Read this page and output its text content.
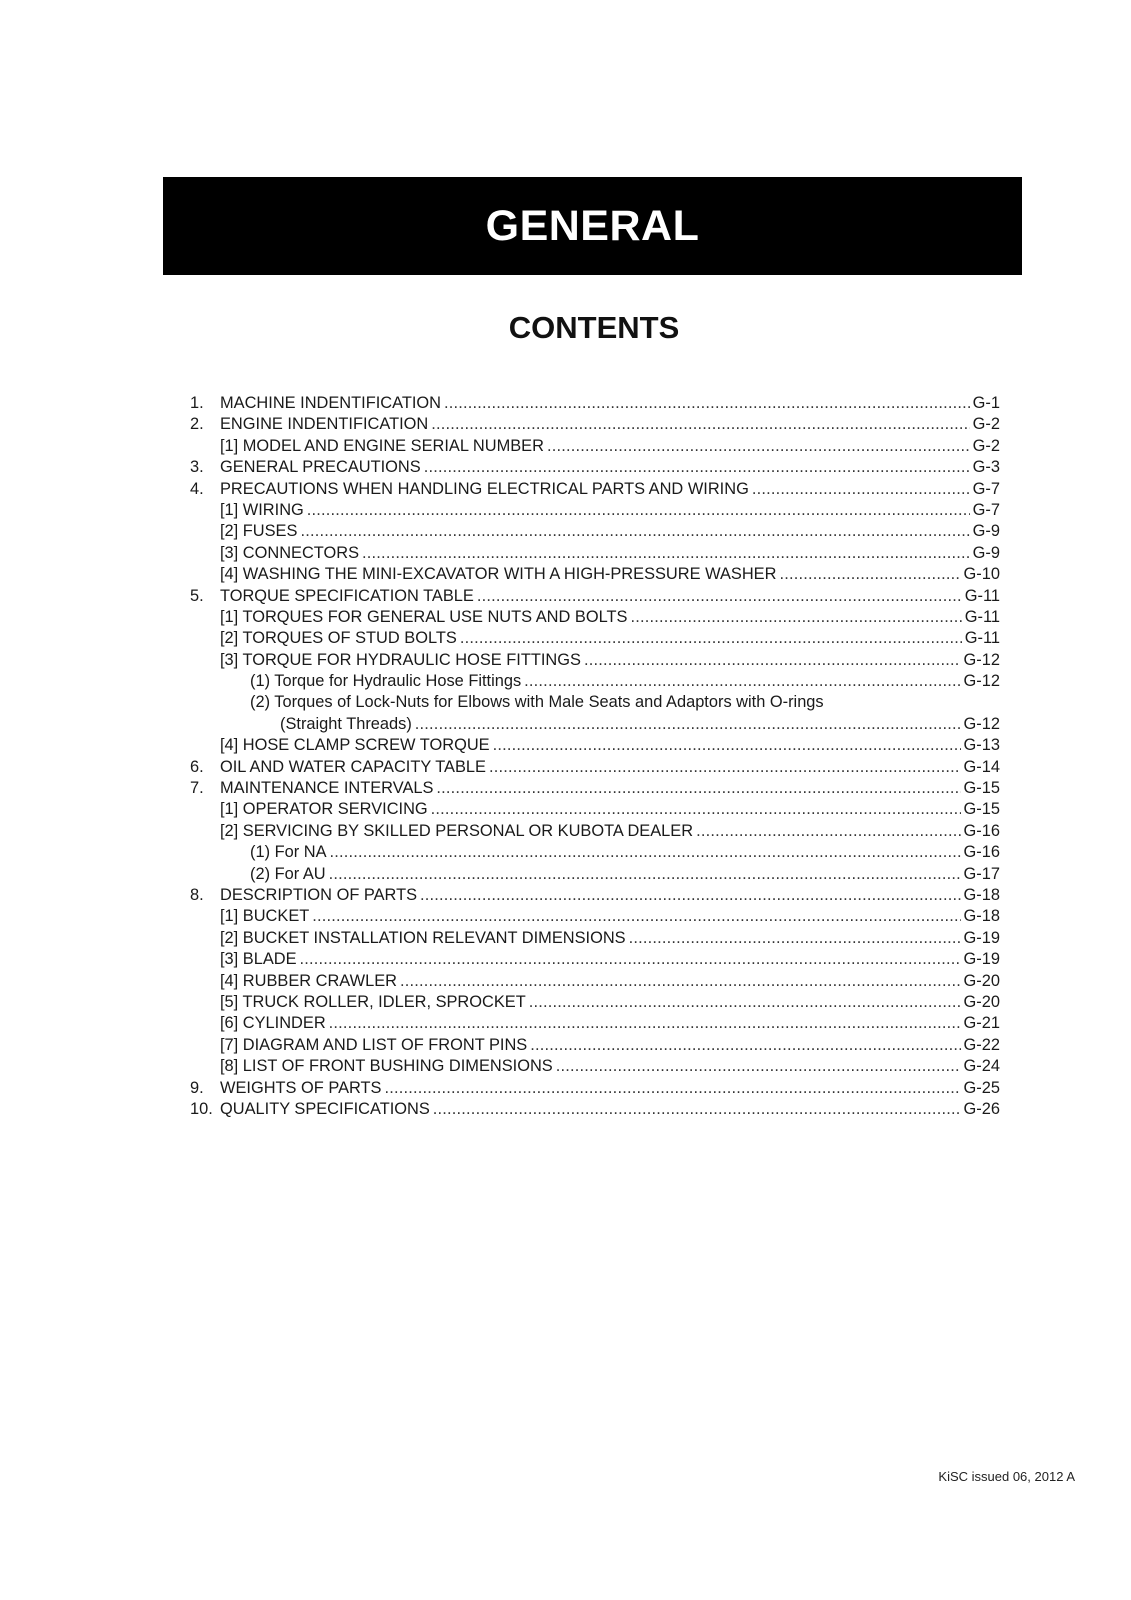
GENERAL
CONTENTS
1. MACHINE INDENTIFICATION .....	G-1
2. ENGINE INDENTIFICATION .....	G-2
[1] MODEL AND ENGINE SERIAL NUMBER .....	G-2
3. GENERAL PRECAUTIONS .....	G-3
4. PRECAUTIONS WHEN HANDLING ELECTRICAL PARTS AND WIRING .....	G-7
[1] WIRING .....	G-7
[2] FUSES .....	G-9
[3] CONNECTORS .....	G-9
[4] WASHING THE MINI-EXCAVATOR WITH A HIGH-PRESSURE WASHER .....	G-10
5. TORQUE SPECIFICATION TABLE .....	G-11
[1] TORQUES FOR GENERAL USE NUTS AND BOLTS .....	G-11
[2] TORQUES OF STUD BOLTS .....	G-11
[3] TORQUE FOR HYDRAULIC HOSE FITTINGS .....	G-12
(1) Torque for Hydraulic Hose Fittings .....	G-12
(2) Torques of Lock-Nuts for Elbows with Male Seats and Adaptors with O-rings
(Straight Threads) .....	G-12
[4] HOSE CLAMP SCREW TORQUE .....	G-13
6. OIL AND WATER CAPACITY TABLE .....	G-14
7. MAINTENANCE INTERVALS .....	G-15
[1] OPERATOR SERVICING .....	G-15
[2] SERVICING BY SKILLED PERSONAL OR KUBOTA DEALER .....	G-16
(1) For NA .....	G-16
(2) For AU .....	G-17
8. DESCRIPTION OF PARTS .....	G-18
[1] BUCKET .....	G-18
[2] BUCKET INSTALLATION RELEVANT DIMENSIONS .....	G-19
[3] BLADE .....	G-19
[4] RUBBER CRAWLER .....	G-20
[5] TRUCK ROLLER, IDLER, SPROCKET .....	G-20
[6] CYLINDER .....	G-21
[7] DIAGRAM AND LIST OF FRONT PINS .....	G-22
[8] LIST OF FRONT BUSHING DIMENSIONS .....	G-24
9. WEIGHTS OF PARTS .....	G-25
10. QUALITY SPECIFICATIONS .....	G-26
KiSC issued 06, 2012 A
